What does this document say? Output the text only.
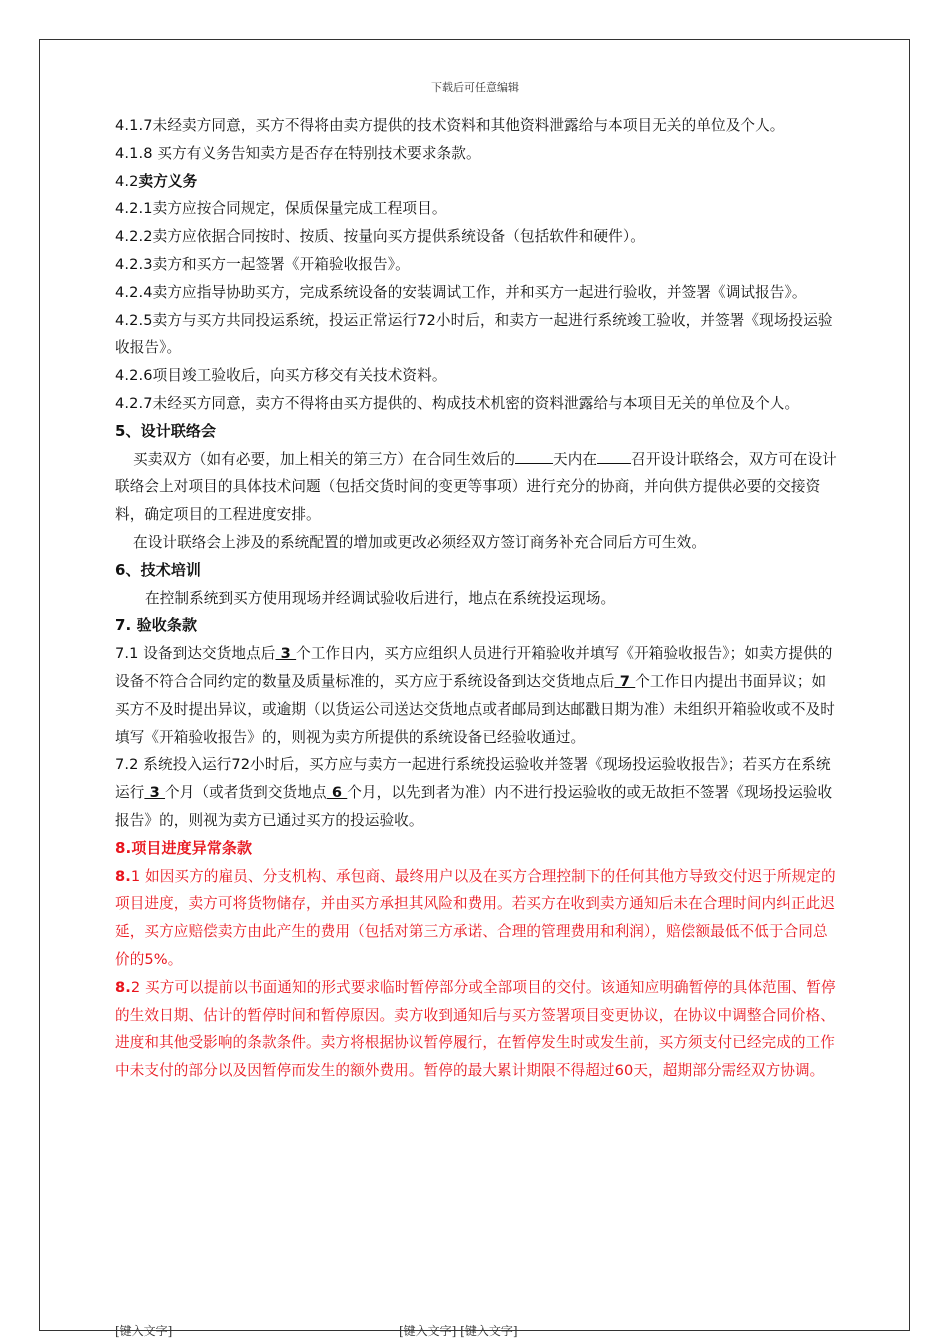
下载后可任意编辑

4.1.7未经卖方同意，买方不得将由卖方提供的技术资料和其他资料泄露给与本项目无关的单位及个人。

4.1.8 买方有义务告知卖方是否存在特别技术要求条款。

4.2卖方义务

4.2.1卖方应按合同规定，保质保量完成工程项目。

4.2.2卖方应依据合同按时、按质、按量向买方提供系统设备（包括软件和硬件）。

4.2.3卖方和买方一起签署《开箱验收报告》。

4.2.4卖方应指导协助买方，完成系统设备的安装调试工作，并和买方一起进行验收，并签署《调试报告》。

4.2.5卖方与买方共同投运系统，投运正常运行72小时后，和卖方一起进行系统竣工验收，并签署《现场投运验收报告》。

4.2.6项目竣工验收后，向买方移交有关技术资料。

4.2.7未经买方同意，卖方不得将由买方提供的、构成技术机密的资料泄露给与本项目无关的单位及个人。

5、设计联络会

买卖双方（如有必要，加上相关的第三方）在合同生效后的	天内在 召开设计联络会，双方可在设计联络会上对项目的具体技术问题（包括交货时间的变更等事项）进行充分的协商，并向供方提供必要的交接资料，确定项目的工程进度安排。

在设计联络会上涉及的系统配置的增加或更改必须经双方签订商务补充合同后方可生效。

6、技术培训

在控制系统到买方使用现场并经调试验收后进行，地点在系统投运现场。

7. 验收条款

7.1 设备到达交货地点后 3 个工作日内，买方应组织人员进行开箱验收并填写《开箱验收报告》；如卖方提供的设备不符合合同约定的数量及质量标准的，买方应于系统设备到达交货地点后 7 个工作日内提出书面异议；如买方不及时提出异议，或逾期（以货运公司送达交货地点或者邮局到达邮戳日期为准）未组织开箱验收或不及时填写《开箱验收报告》的，则视为卖方所提供的系统设备已经验收通过。

7.2 系统投入运行72小时后，买方应与卖方一起进行系统投运验收并签署《现场投运验收报告》；若买方在系统运行 3 个月（或者货到交货地点 6 个月，以先到者为准）内不进行投运验收的或无故拒不签署《现场投运验收报告》的，则视为卖方已通过买方的投运验收。

8.项目进度异常条款

8.1 如因买方的雇员、分支机构、承包商、最终用户以及在买方合理控制下的任何其他方导致交付迟于所规定的项目进度，卖方可将货物储存，并由买方承担其风险和费用。若买方在收到卖方通知后未在合理时间内纠正此迟延，买方应赔偿卖方由此产生的费用（包括对第三方承诺、合理的管理费用和利润），赔偿额最低不低于合同总价的5%。

8.2 买方可以提前以书面通知的形式要求临时暂停部分或全部项目的交付。该通知应明确暂停的具体范围、暂停的生效日期、估计的暂停时间和暂停原因。卖方收到通知后与买方签署项目变更协议，在协议中调整合同价格、进度和其他受影响的条款条件。卖方将根据协议暂停履行，在暂停发生时或发生前，买方须支付已经完成的工作中未支付的部分以及因暂停而发生的额外费用。暂停的最大累计期限不得超过60天，超期部分需经双方协调。

[键入文字]	[键入文字] [键入文字]
